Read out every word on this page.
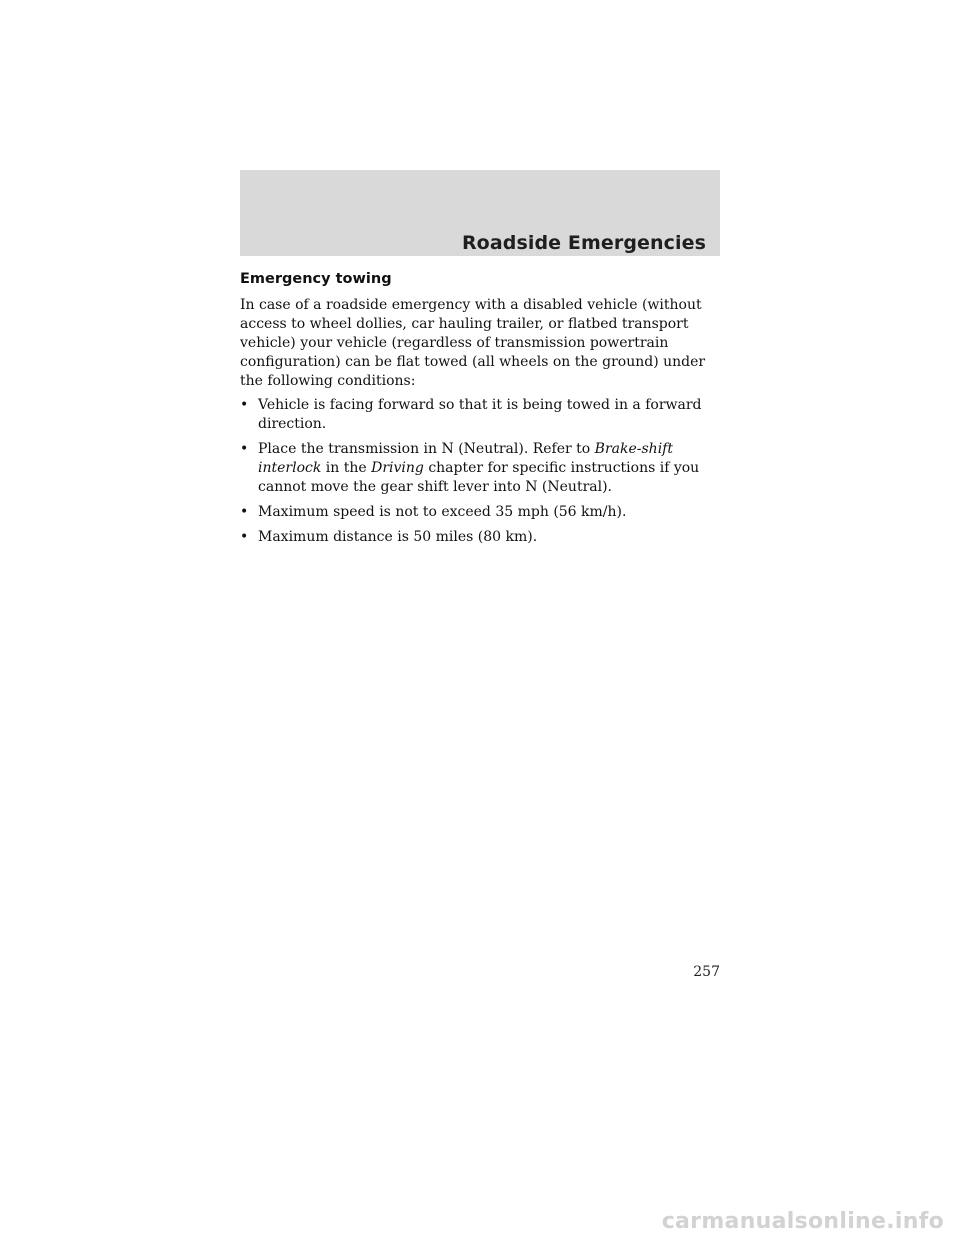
Roadside Emergencies
Emergency towing

In case of a roadside emergency with a disabled vehicle (without access to wheel dollies, car hauling trailer, or flatbed transport vehicle) your vehicle (regardless of transmission powertrain configuration) can be flat towed (all wheels on the ground) under the following conditions:

• Vehicle is facing forward so that it is being towed in a forward direction.
• Place the transmission in N (Neutral). Refer to Brake-shift interlock in the Driving chapter for specific instructions if you cannot move the gear shift lever into N (Neutral).
• Maximum speed is not to exceed 35 mph (56 km/h).
• Maximum distance is 50 miles (80 km).
257
carmanualsonline.info
